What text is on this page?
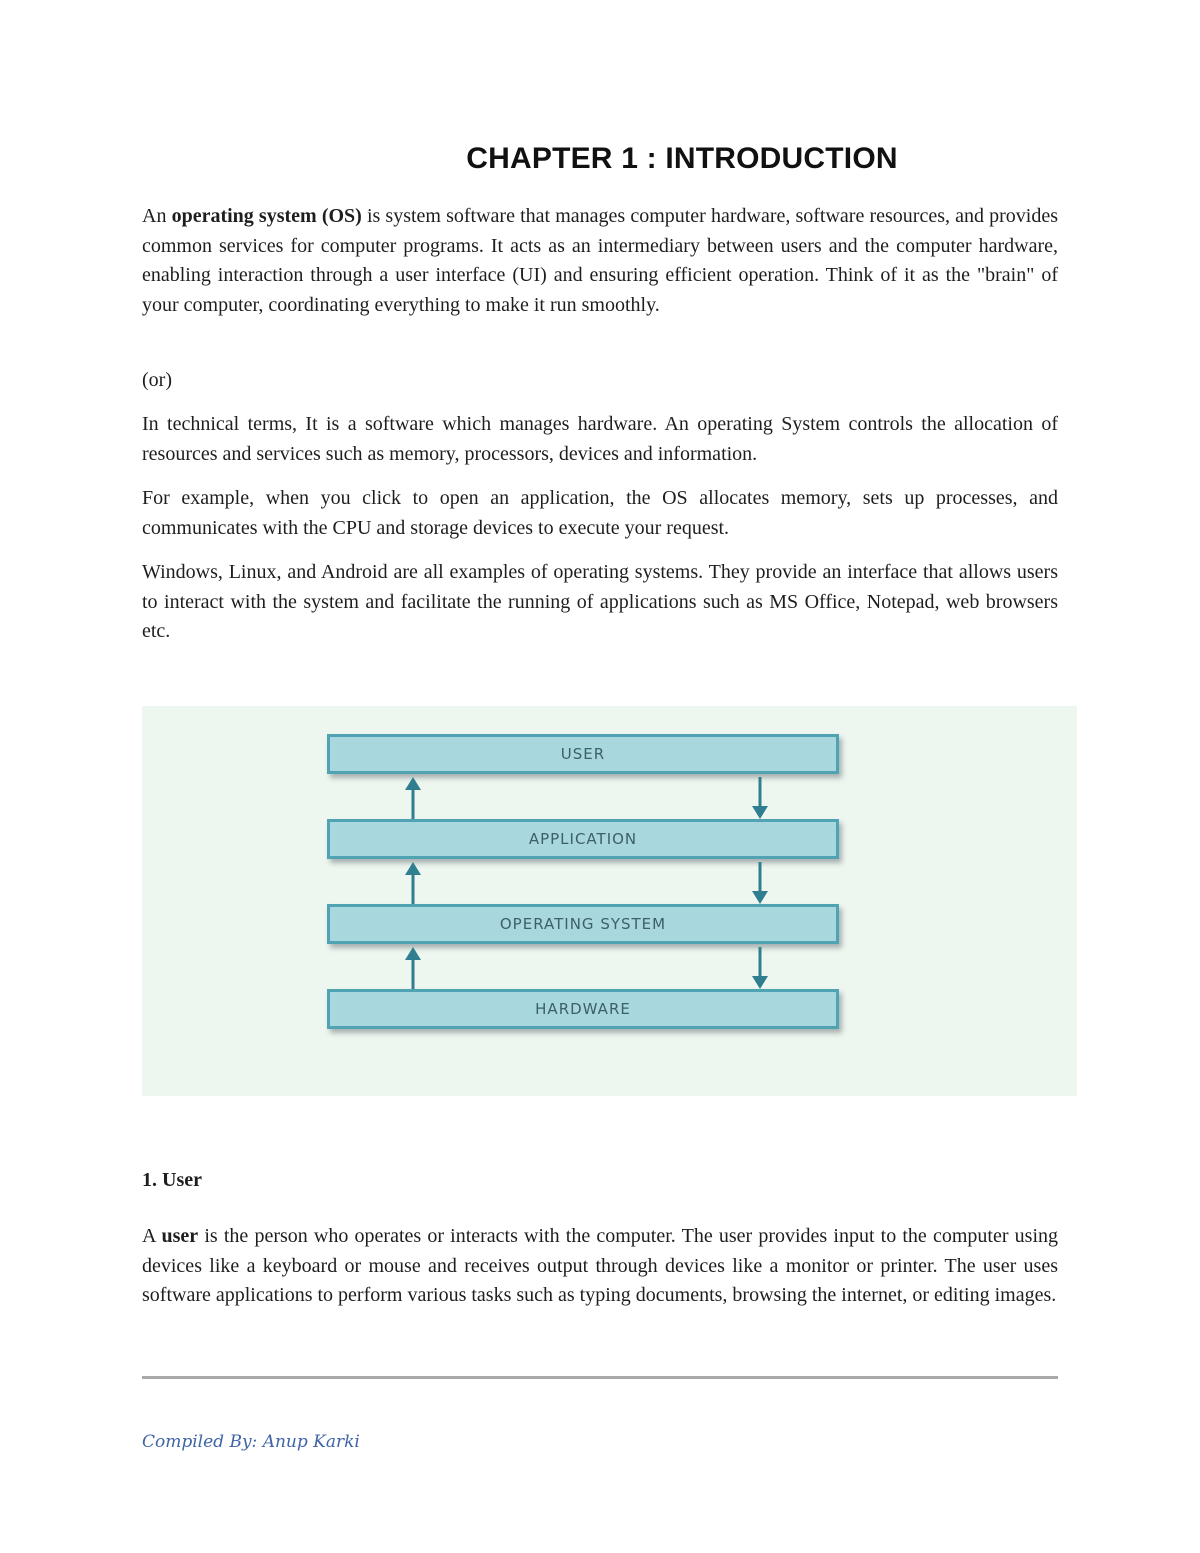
CHAPTER 1 : INTRODUCTION

An operating system (OS) is system software that manages computer hardware, software resources, and provides common services for computer programs. It acts as an intermediary between users and the computer hardware, enabling interaction through a user interface (UI) and ensuring efficient operation. Think of it as the "brain" of your computer, coordinating everything to make it run smoothly.

(or)

In technical terms, It is a software which manages hardware. An operating System controls the allocation of resources and services such as memory, processors, devices and information.

For example, when you click to open an application, the OS allocates memory, sets up processes, and communicates with the CPU and storage devices to execute your request.

Windows, Linux, and Android are all examples of operating systems. They provide an interface that allows users to interact with the system and facilitate the running of applications such as MS Office, Notepad, web browsers etc.

USER
APPLICATION
OPERATING SYSTEM
HARDWARE
1. User

A user is the person who operates or interacts with the computer. The user provides input to the computer using devices like a keyboard or mouse and receives output through devices like a monitor or printer. The user uses software applications to perform various tasks such as typing documents, browsing the internet, or editing images.

Compiled By: Anup Karki
